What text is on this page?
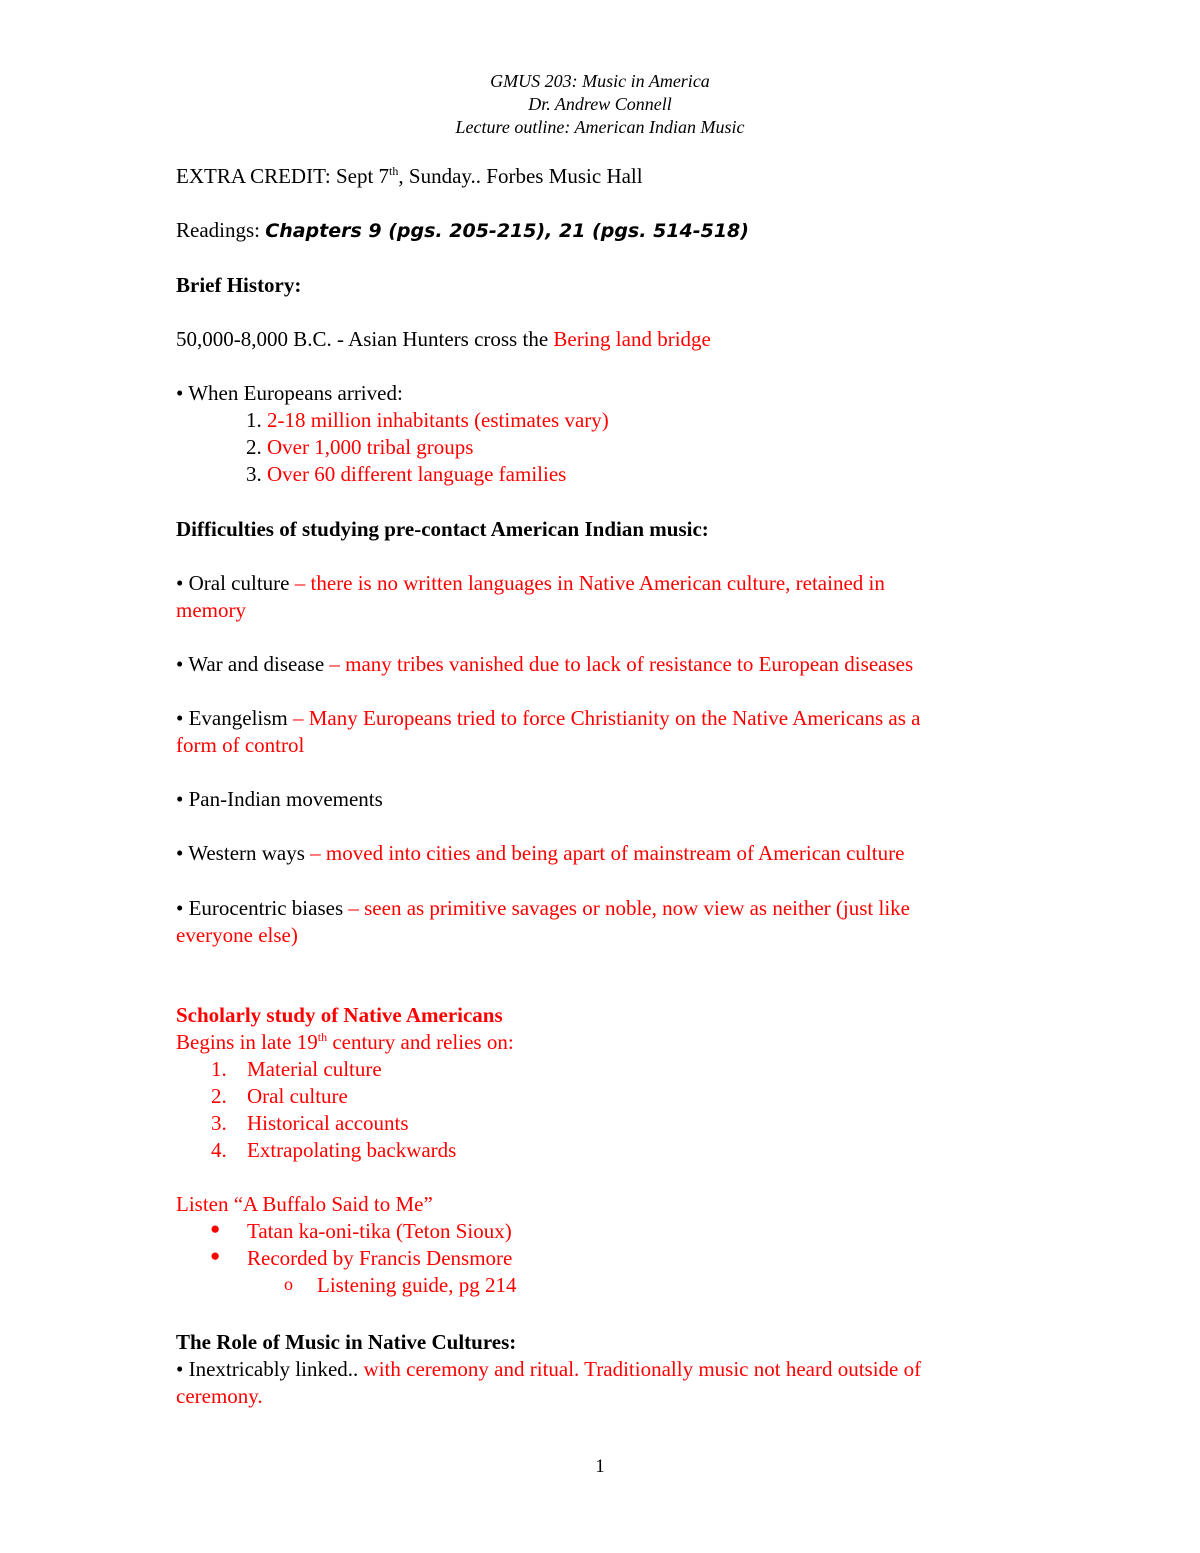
GMUS 203: Music in America
Dr. Andrew Connell
Lecture outline: American Indian Music
EXTRA CREDIT: Sept 7th, Sunday.. Forbes Music Hall
Readings: Chapters 9 (pgs. 205-215), 21 (pgs. 514-518)
Brief History:
50,000-8,000 B.C. - Asian Hunters cross the Bering land bridge
• When Europeans arrived:
1. 2-18 million inhabitants (estimates vary)
2. Over 1,000 tribal groups
3. Over 60 different language families
Difficulties of studying pre-contact American Indian music:
• Oral culture – there is no written languages in Native American culture, retained in
memory
• War and disease – many tribes vanished due to lack of resistance to European diseases
• Evangelism – Many Europeans tried to force Christianity on the Native Americans as a
form of control
• Pan-Indian movements
• Western ways – moved into cities and being apart of mainstream of American culture
• Eurocentric biases – seen as primitive savages or noble, now view as neither (just like
everyone else)
Scholarly study of Native Americans
Begins in late 19th century and relies on:
1. Material culture
2. Oral culture
3. Historical accounts
4. Extrapolating backwards
Listen “A Buffalo Said to Me”
● Tatan ka-oni-tika (Teton Sioux)
● Recorded by Francis Densmore
o Listening guide, pg 214
The Role of Music in Native Cultures:
• Inextricably linked.. with ceremony and ritual. Traditionally music not heard outside of
ceremony.
1
